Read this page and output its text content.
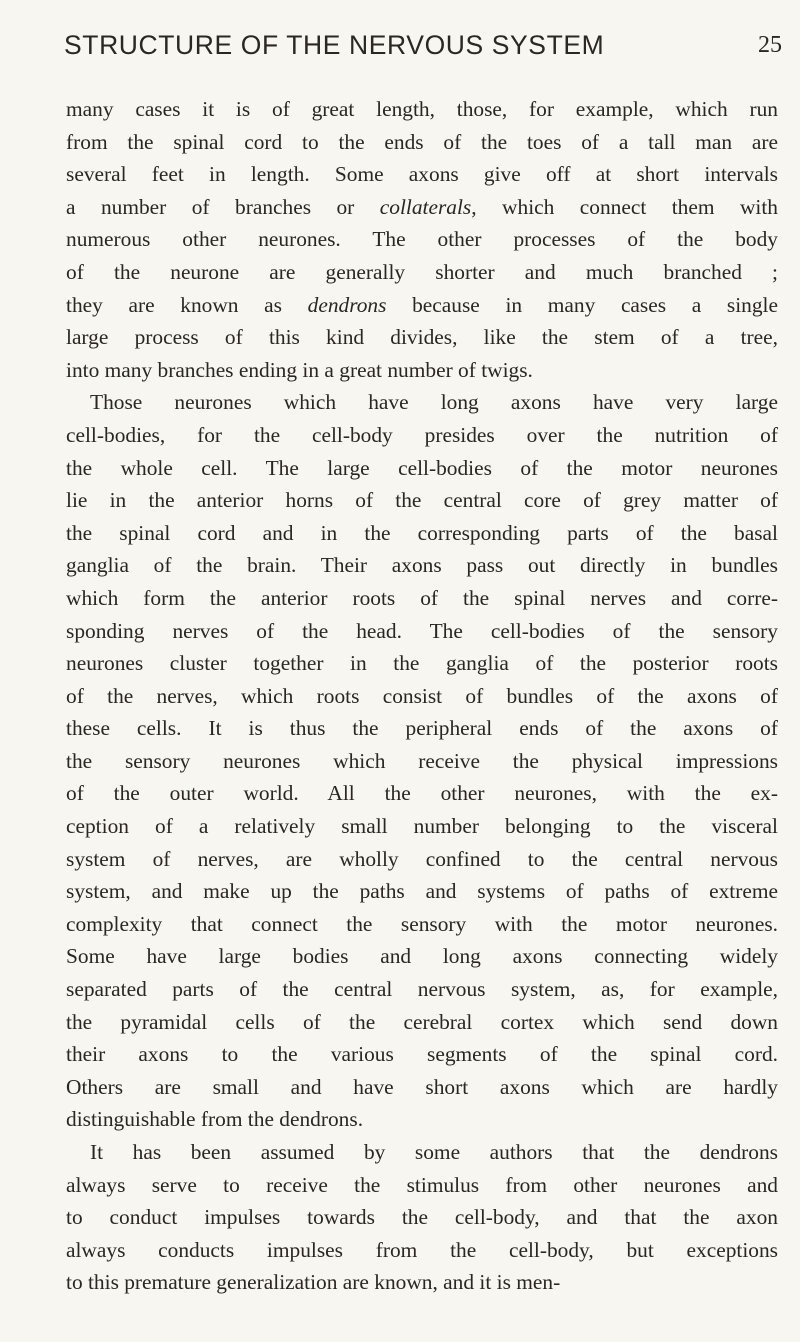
STRUCTURE OF THE NERVOUS SYSTEM	25
many cases it is of great length, those, for example, which run
from the spinal cord to the ends of the toes of a tall man are
several feet in length. Some axons give off at short intervals
a number of branches or collaterals, which connect them with
numerous other neurones. The other processes of the body
of the neurone are generally shorter and much branched ;
they are known as dendrons because in many cases a single
large process of this kind divides, like the stem of a tree,
into many branches ending in a great number of twigs.
Those neurones which have long axons have very large
cell-bodies, for the cell-body presides over the nutrition of
the whole cell. The large cell-bodies of the motor neurones
lie in the anterior horns of the central core of grey matter of
the spinal cord and in the corresponding parts of the basal
ganglia of the brain. Their axons pass out directly in bundles
which form the anterior roots of the spinal nerves and corre-
sponding nerves of the head. The cell-bodies of the sensory
neurones cluster together in the ganglia of the posterior roots
of the nerves, which roots consist of bundles of the axons of
these cells. It is thus the peripheral ends of the axons of
the sensory neurones which receive the physical impressions
of the outer world. All the other neurones, with the ex-
ception of a relatively small number belonging to the visceral
system of nerves, are wholly confined to the central nervous
system, and make up the paths and systems of paths of extreme
complexity that connect the sensory with the motor neurones.
Some have large bodies and long axons connecting widely
separated parts of the central nervous system, as, for example,
the pyramidal cells of the cerebral cortex which send down
their axons to the various segments of the spinal cord.
Others are small and have short axons which are hardly
distinguishable from the dendrons.
It has been assumed by some authors that the dendrons
always serve to receive the stimulus from other neurones and
to conduct impulses towards the cell-body, and that the axon
always conducts impulses from the cell-body, but exceptions
to this premature generalization are known, and it is men-
